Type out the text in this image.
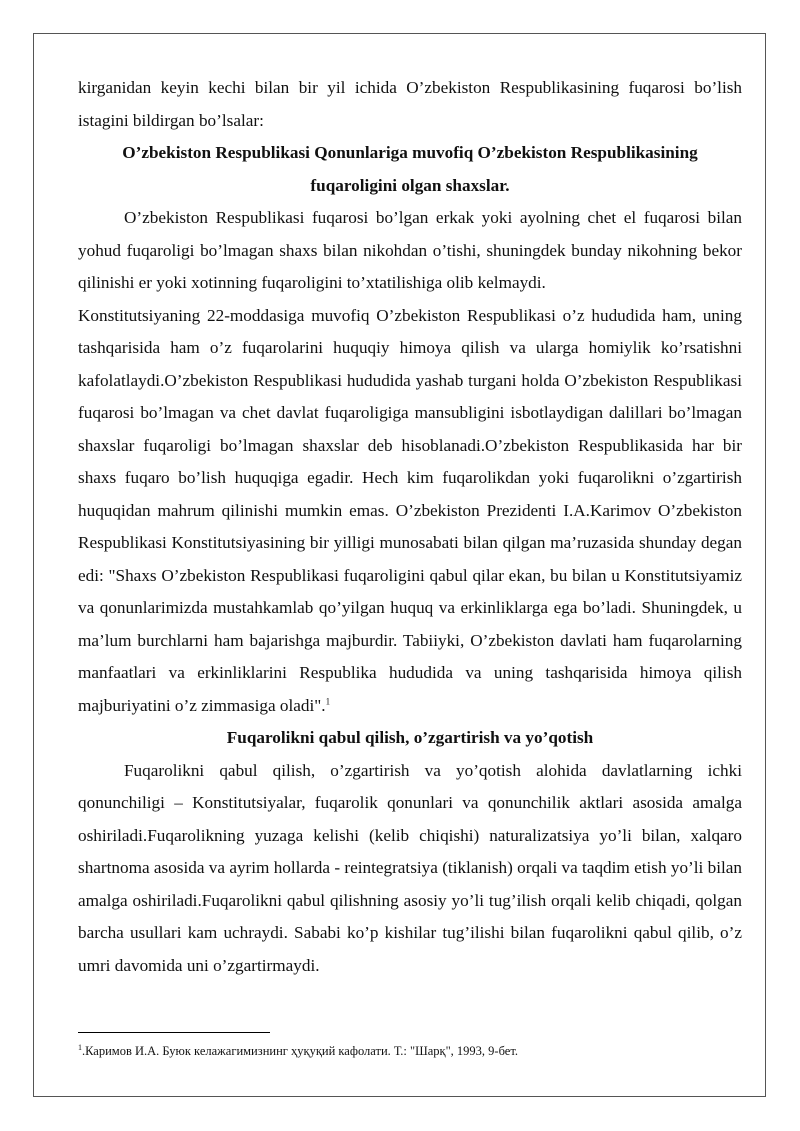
kirganidan keyin kechi bilan bir yil ichida O’zbekiston Respublikasining fuqarosi bo’lish istagini bildirgan bo’lsalar:

O’zbekiston Respublikasi Qonunlariga muvofiq O’zbekiston Respublikasining fuqaroligini olgan shaxslar.

O’zbekiston Respublikasi fuqarosi bo’lgan erkak yoki ayolning chet el fuqarosi bilan yohud fuqaroligi bo’lmagan shaxs bilan nikohdan o’tishi, shuningdek bunday nikohning bekor qilinishi er yoki xotinning fuqaroligini to’xtatilishiga olib kelmaydi.

Konstitutsiyaning 22-moddasiga muvofiq O’zbekiston Respublikasi o’z hududida ham, uning tashqarisida ham o’z fuqarolarini huquqiy himoya qilish va ularga homiylik ko’rsatishni kafolatlaydi.O’zbekiston Respublikasi hududida yashab turgani holda O’zbekiston Respublikasi fuqarosi bo’lmagan va chet davlat fuqaroligiga mansubligini isbotlaydigan dalillari bo’lmagan shaxslar fuqaroligi bo’lmagan shaxslar deb hisoblanadi.O’zbekiston Respublikasida har bir shaxs fuqaro bo’lish huquqiga egadir. Hech kim fuqarolikdan yoki fuqarolikni o’zgartirish huquqidan mahrum qilinishi mumkin emas. O’zbekiston Prezidenti I.A.Karimov O’zbekiston Respublikasi Konstitutsiyasining bir yilligi munosabati bilan qilgan ma’ruzasida shunday degan edi: "Shaxs O’zbekiston Respublikasi fuqaroligini qabul qilar ekan, bu bilan u Konstitutsiyamiz va qonunlarimizda mustahkamlab qo’yilgan huquq va erkinliklarga ega bo’ladi. Shuningdek, u ma’lum burchlarni ham bajarishga majburdir. Tabiiyki, O’zbekiston davlati ham fuqarolarning manfaatlari va erkinliklarini Respublika hududida va uning tashqarisida himoya qilish majburiyatini o’z zimmasiga oladi".$^1$

Fuqarolikni qabul qilish, o’zgartirish va yo’qotish

Fuqarolikni qabul qilish, o’zgartirish va yo’qotish alohida davlatlarning ichki qonunchiligi – Konstitutsiyalar, fuqarolik qonunlari va qonunchilik aktlari asosida amalga oshiriladi.Fuqarolikning yuzaga kelishi (kelib chiqishi) naturalizatsiya yo’li bilan, xalqaro shartnoma asosida va ayrim hollarda - reintegratsiya (tiklanish) orqali va taqdim etish yo’li bilan amalga oshiriladi.Fuqarolikni qabul qilishning asosiy yo’li tug’ilish orqali kelib chiqadi, qolgan barcha usullari kam uchraydi. Sababi ko’p kishilar tug’ilishi bilan fuqarolikni qabul qilib, o’z umri davomida uni o’zgartirmaydi.

$^1$.Каримов И.А. Буюк келажагимизнинг ҳуқуқий кафолати. Т.: "Шарқ", 1993, 9-бет.
